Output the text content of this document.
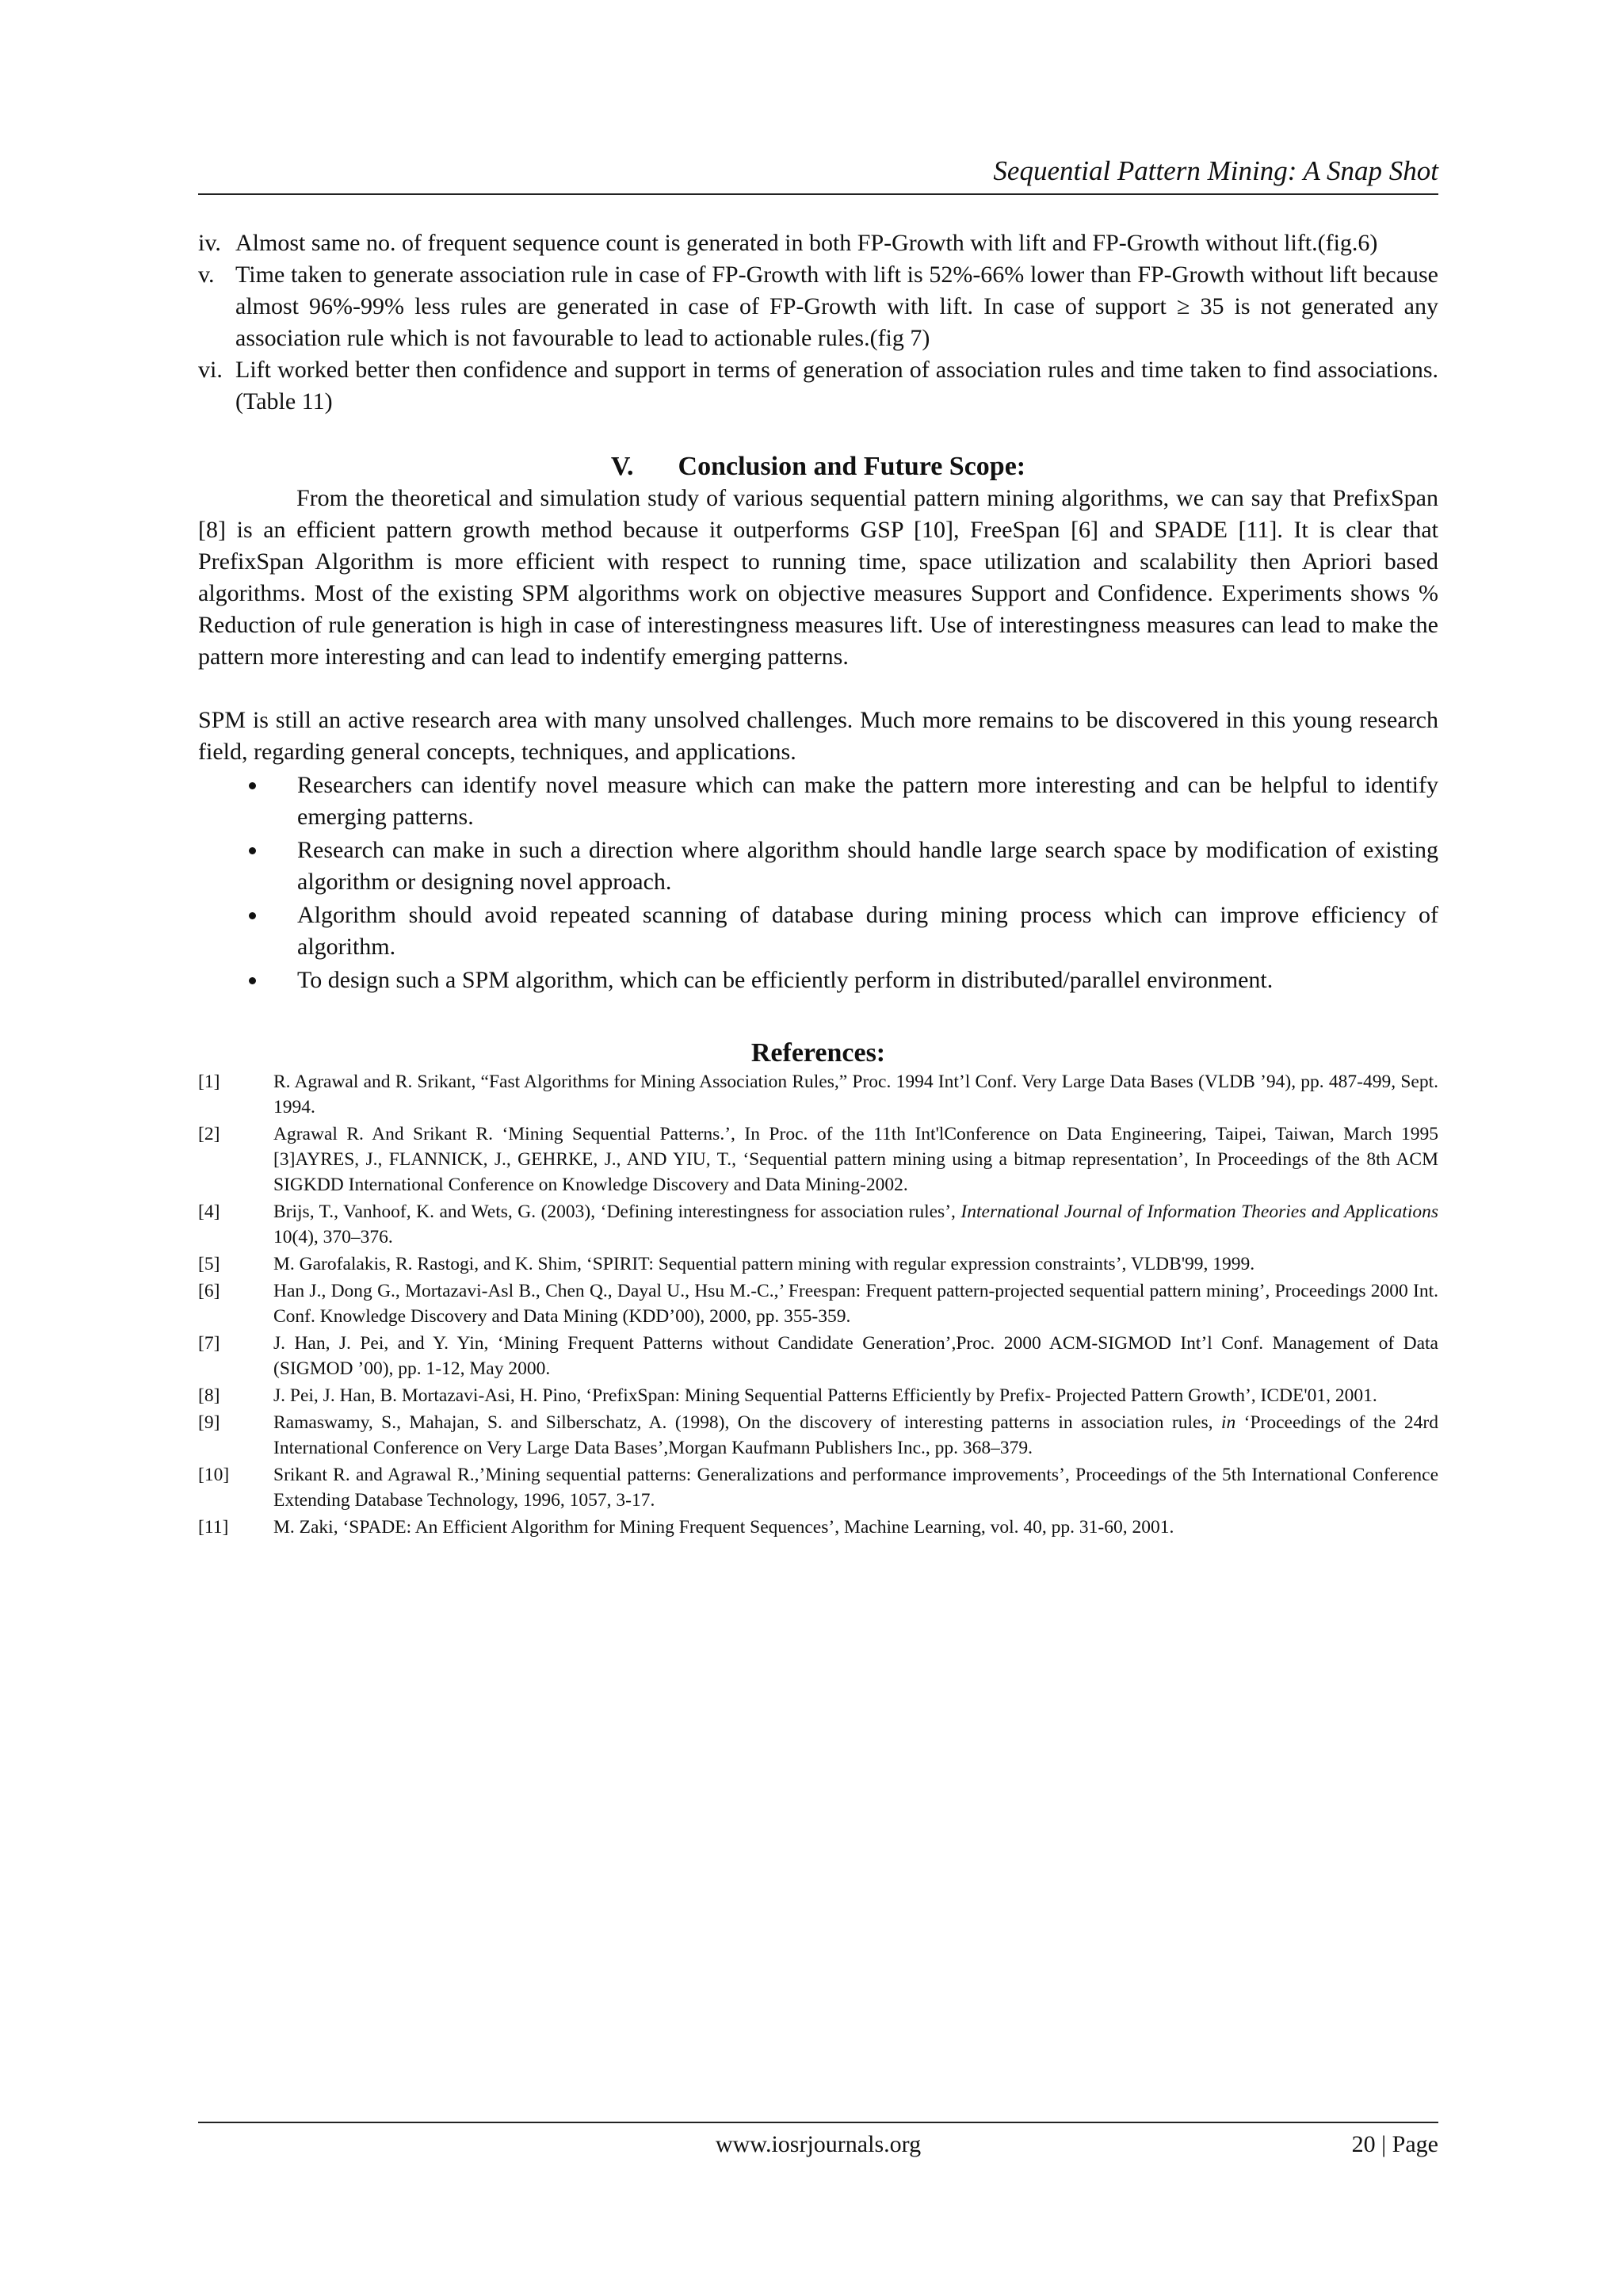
Sequential Pattern Mining: A Snap Shot
iv. Almost same no. of frequent sequence count is generated in both FP-Growth with lift and FP-Growth without lift.(fig.6)
v. Time taken to generate association rule in case of FP-Growth with lift is 52%-66% lower than FP-Growth without lift because almost 96%-99% less rules are generated in case of FP-Growth with lift. In case of support ≥ 35 is not generated any association rule which is not favourable to lead to actionable rules.(fig 7)
vi. Lift worked better then confidence and support in terms of generation of association rules and time taken to find associations.(Table 11)
V. Conclusion and Future Scope:

From the theoretical and simulation study of various sequential pattern mining algorithms, we can say that PrefixSpan [8] is an efficient pattern growth method because it outperforms GSP [10], FreeSpan [6] and SPADE [11]. It is clear that PrefixSpan Algorithm is more efficient with respect to running time, space utilization and scalability then Apriori based algorithms. Most of the existing SPM algorithms work on objective measures Support and Confidence. Experiments shows % Reduction of rule generation is high in case of interestingness measures lift. Use of interestingness measures can lead to make the pattern more interesting and can lead to indentify emerging patterns.

SPM is still an active research area with many unsolved challenges. Much more remains to be discovered in this young research field, regarding general concepts, techniques, and applications.

Researchers can identify novel measure which can make the pattern more interesting and can be helpful to identify emerging patterns.
Research can make in such a direction where algorithm should handle large search space by modification of existing algorithm or designing novel approach.
Algorithm should avoid repeated scanning of database during mining process which can improve efficiency of algorithm.
To design such a SPM algorithm, which can be efficiently perform in distributed/parallel environment.
References:
[1]	R. Agrawal and R. Srikant, “Fast Algorithms for Mining Association Rules,” Proc. 1994 Int’l Conf. Very Large Data Bases (VLDB ’94), pp. 487-499, Sept. 1994.
[2]	Agrawal R. And Srikant R. ‘Mining Sequential Patterns.’, In Proc. of the 11th Int'lConference on Data Engineering, Taipei, Taiwan, March 1995 [3]AYRES, J., FLANNICK, J., GEHRKE, J., AND YIU, T., ‘Sequential pattern mining using a bitmap representation’, In Proceedings of the 8th ACM SIGKDD International Conference on Knowledge Discovery and Data Mining-2002.
[4]	Brijs, T., Vanhoof, K. and Wets, G. (2003), ‘Defining interestingness for association rules’, International Journal of Information Theories and Applications 10(4), 370–376.
[5]	M. Garofalakis, R. Rastogi, and K. Shim, ‘SPIRIT: Sequential pattern mining with regular expression constraints’, VLDB'99, 1999.
[6]	Han J., Dong G., Mortazavi-Asl B., Chen Q., Dayal U., Hsu M.-C.,’ Freespan: Frequent pattern-projected sequential pattern mining’, Proceedings 2000 Int. Conf. Knowledge Discovery and Data Mining (KDD’00), 2000, pp. 355-359.
[7]	J. Han, J. Pei, and Y. Yin, ‘Mining Frequent Patterns without Candidate Generation’,Proc. 2000 ACM-SIGMOD Int’l Conf. Management of Data (SIGMOD ’00), pp. 1-12, May 2000.
[8]	J. Pei, J. Han, B. Mortazavi-Asi, H. Pino, ‘PrefixSpan: Mining Sequential Patterns Efficiently by Prefix- Projected Pattern Growth’, ICDE'01, 2001.
[9]	Ramaswamy, S., Mahajan, S. and Silberschatz, A. (1998), On the discovery of interesting patterns in association rules, in ‘Proceedings of the 24rd International Conference on Very Large Data Bases’,Morgan Kaufmann Publishers Inc., pp. 368–379.
[10] Srikant R. and Agrawal R.,’Mining sequential patterns: Generalizations and performance improvements’, Proceedings of the 5th International Conference Extending Database Technology, 1996, 1057, 3-17.
[11] M. Zaki, ‘SPADE: An Efficient Algorithm for Mining Frequent Sequences’, Machine Learning, vol. 40, pp. 31-60, 2001.
www.iosrjournals.org	20 | Page
